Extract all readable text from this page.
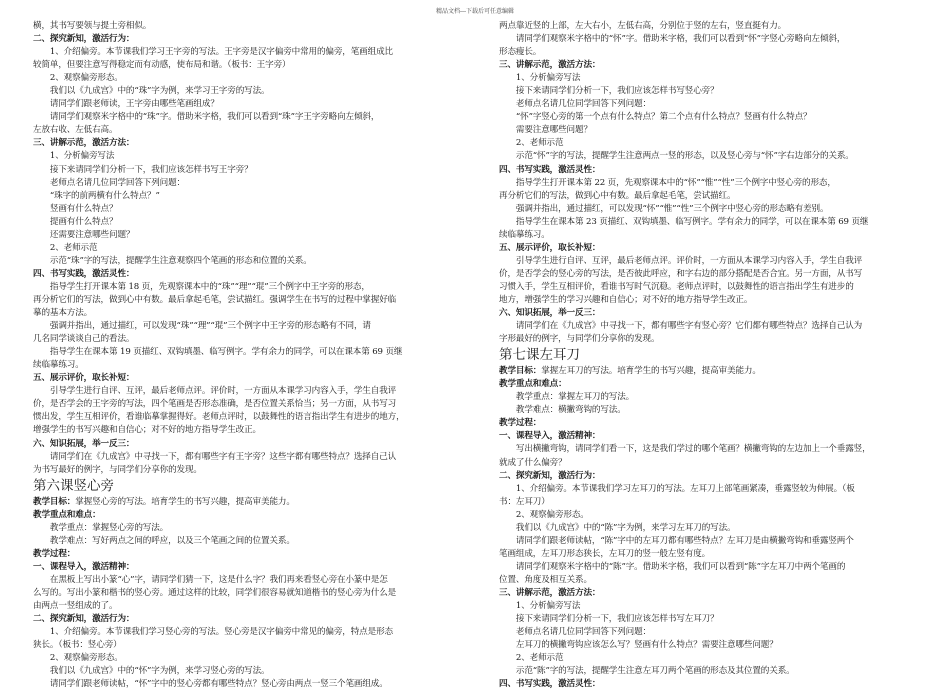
精品文档---下载后可任意编辑

横，其书写要领与提土旁相似。

二、探究新知，激活行为：

　　1、介绍偏旁。本节课我们学习王字旁的写法。王字旁是汉字偏旁中常用的偏旁，笔画组成比

较简单，但要注意写得稳定而有动感，使布局和谐。（板书：王字旁）

　　2、观察偏旁形态。

　　我们以《九成宫》中的“珠”字为例，来学习王字旁的写法。

　　请同学们跟老师读，王字旁由哪些笔画组成？

　　请同学们观察米字格中的“珠”字。借助米字格，我们可以看到“珠”字王字旁略向左倾斜，

左放右收、左低右高。

三、讲解示范，激活方法：

　　1、分析偏旁写法

　　接下来请同学们分析一下，我们应该怎样书写王字旁？

　　老师点名请几位同学回答下列问题：

　　“珠字的前两横有什么特点？”

　　竖画有什么特点？

　　提画有什么特点？

　　还需要注意哪些问题？

　　2、老师示范

　　示范“珠”字的写法，提醒学生注意观察四个笔画的形态和位置的关系。

四、书写实践，激活灵性：

　　指导学生打开课本第 18 页，先观察课本中的“珠”“理”“琨”三个例字中王字旁的形态，

再分析它们的写法，做到心中有数。最后拿起毛笔，尝试描红。强调学生在书写的过程中掌握好临

摹的基本方法。

　　强调并指出，通过描红，可以发现“珠”“理”“琨”三个例字中王字旁的形态略有不同，请

几名同学谈谈自己的看法。

　　指导学生在课本第 19 页描红、双钩填墨、临写例字。学有余力的同学，可以在课本第 69 页继

续临摹练习。

五、展示评价，取长补短：

　　引导学生进行自评、互评，最后老师点评。评价时，一方面从本课学习内容入手，学生自我评

价，是否学会的王字旁的写法，四个笔画是否形态准确，是否位置关系恰当；另一方面，从书写习

惯出发，学生互相评价，看谁临摹掌握得好。老师点评时，以鼓舞性的语言指出学生有进步的地方，

增强学生的书写兴趣和自信心；对不好的地方指导学生改正。

六、知识拓展，举一反三：

　　请同学们在《九成宫》中寻找一下，都有哪些字有王字旁？这些字都有哪些特点？选择自己认

为书写最好的例字，与同学们分享你的发现。

第六课竖心旁

教学目标：掌握竖心旁的写法。培育学生的书写兴趣，提高审美能力。

教学重点和难点：

　　教学重点：掌握竖心旁的写法。

　　教学难点：写好两点之间的呼应，以及三个笔画之间的位置关系。

教学过程：

一、课程导入，激活精神：

　　在黑板上写出小篆“心”字，请同学们猜一下，这是什么字？我们再来看竖心旁在小篆中是怎

么写的。写出小篆和楷书的竖心旁。通过这样的比较，同学们很容易就知道楷书的竖心旁为什么是

由两点一竖组成的了。

二、探究新知，激活行为：

　　1、介绍偏旁。本节课我们学习竖心旁的写法。竖心旁是汉字偏旁中常见的偏旁，特点是形态

狭长。（板书：竖心旁）

　　2、观察偏旁形态。

　　我们以《九成宫》中的“怀”字为例，来学习竖心旁的写法。

　　请同学们跟老师读帖，“怀”字中的竖心旁都有哪些特点？竖心旁由两点一竖三个笔画组成。

两点靠近竖的上部，左大右小，左低右高，分别位于竖的左右，竖直挺有力。

　　请同学们观察米字格中的“怀”字。借助米字格，我们可以看到“怀”字竖心旁略向左倾斜，

形态瘦长。

三、讲解示范，激活方法：

　　1、分析偏旁写法

　　接下来请同学们分析一下，我们应该怎样书写竖心旁？

　　老师点名请几位同学回答下列问题：

　　“怀”字竖心旁的第一个点有什么特点？第二个点有什么特点？竖画有什么特点？

　　需要注意哪些问题？

　　2、老师示范

　　示范“怀”字的写法，提醒学生注意两点一竖的形态，以及竖心旁与“怀”字右边部分的关系。

四、书写实践，激活灵性：

　　指导学生打开课本第 22 页，先观察课本中的“怀”“惟”“性”三个例字中竖心旁的形态，

再分析它们的写法，做到心中有数。最后拿起毛笔，尝试描红。

　　强调并指出，通过描红，可以发现“怀”“惟”“性”三个例字中竖心旁的形态略有差别。

　　指导学生在课本第 23 页描红、双钩填墨、临写例字。学有余力的同学，可以在课本第 69 页继

续临摹练习。

五、展示评价，取长补短：

　　引导学生进行自评、互评，最后老师点评。评价时，一方面从本课学习内容入手，学生自我评

价，是否学会的竖心旁的写法，是否彼此呼应，和字右边的部分搭配是否合宜。另一方面，从书写

习惯入手，学生互相评价，看谁书写时气沉稳。老师点评时，以鼓舞性的语言指出学生有进步的

地方，增强学生的学习兴趣和自信心；对不好的地方指导学生改正。

六、知识拓展，举一反三：

　　请同学们在《九成宫》中寻找一下，都有哪些字有竖心旁？它们都有哪些特点？选择自己认为

字形最好的例字，与同学们分享你的发现。

第七课左耳刀

教学目标：掌握左耳刀的写法。培育学生的书写兴趣，提高审美能力。

教学重点和难点：

　　教学重点：掌握左耳刀的写法。

　　教学难点：横撇弯钩的写法。

教学过程：

一、课程导入，激活精神：

　　写出横撇弯钩，请同学们看一下，这是我们学过的哪个笔画？横撇弯钩的左边加上一个垂露竖，

就成了什么偏旁？

二、探究新知，激活行为：

　　1、介绍偏旁。本节课我们学习左耳刀的写法。左耳刀上部笔画紧凑，垂露竖较为伸展。（板

书：左耳刀）

　　2、观察偏旁形态。

　　我们以《九成宫》中的“陈”字为例，来学习左耳刀的写法。

　　请同学们跟老师读帖，“陈”字中的左耳刀都有哪些特点？左耳刀是由横撇弯钩和垂露竖两个

笔画组成，左耳刀形态狭长，左耳刀的竖一般左竖有度。

　　请同学们观察米字格中的“陈”字。借助米字格，我们可以看到“陈”字左耳刀中两个笔画的

位置、角度及相互关系。

三、讲解示范，激活方法：

　　1、分析偏旁写法

　　接下来请同学们分析一下，我们应该怎样书写左耳刀？

　　老师点名请几位同学回答下列问题：

　　左耳刀的横撇弯钩应该怎么写？竖画有什么特点？需要注意哪些问题？

　　2、老师示范

　　示范“陈”字的写法，提醒学生注意左耳刀两个笔画的形态及其位置的关系。

四、书写实践，激活灵性：
